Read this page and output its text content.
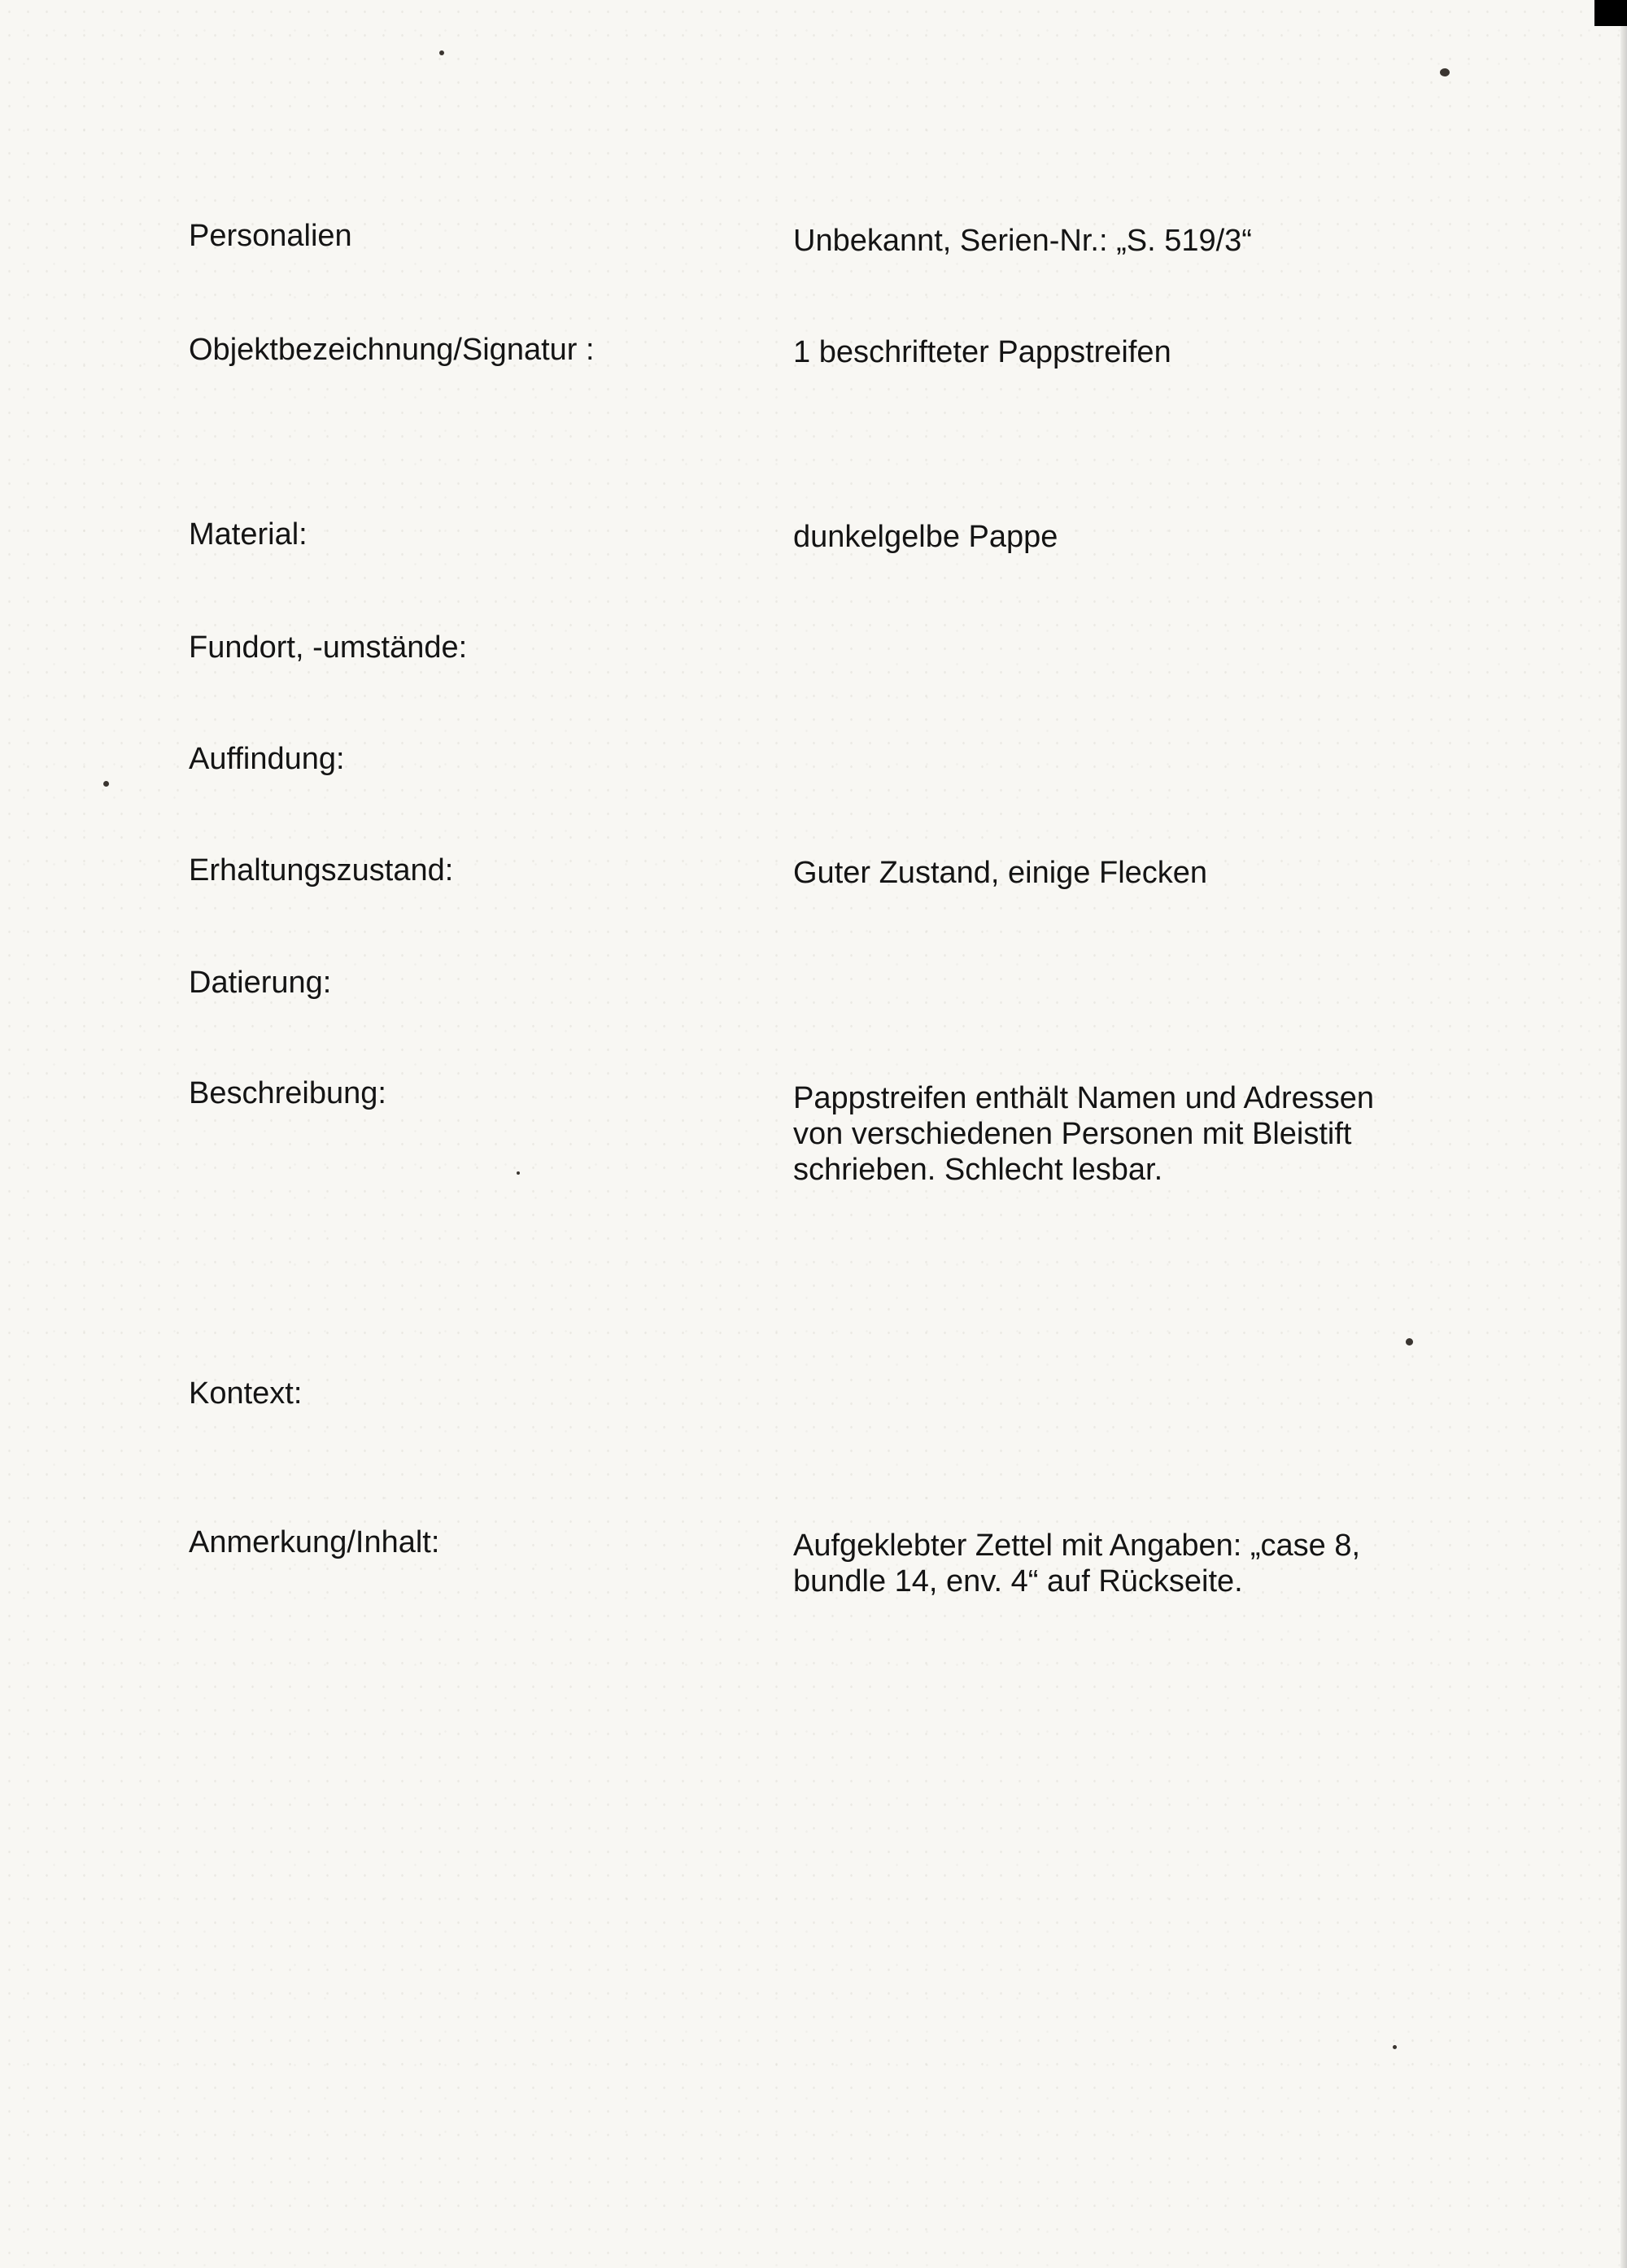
Personalien	Unbekannt, Serien-Nr.: „S. 519/3“
Objektbezeichnung/Signatur :	1 beschrifteter Pappstreifen
Material:	dunkelgelbe Pappe
Fundort, -umstände:
Auffindung:
Erhaltungszustand:	Guter Zustand, einige Flecken
Datierung:
Beschreibung:	Pappstreifen enthält Namen und Adressen
von verschiedenen Personen mit Bleistift
schrieben. Schlecht lesbar.
Kontext:
Anmerkung/Inhalt:	Aufgeklebter Zettel mit Angaben: „case 8,
bundle 14, env. 4“ auf Rückseite.
